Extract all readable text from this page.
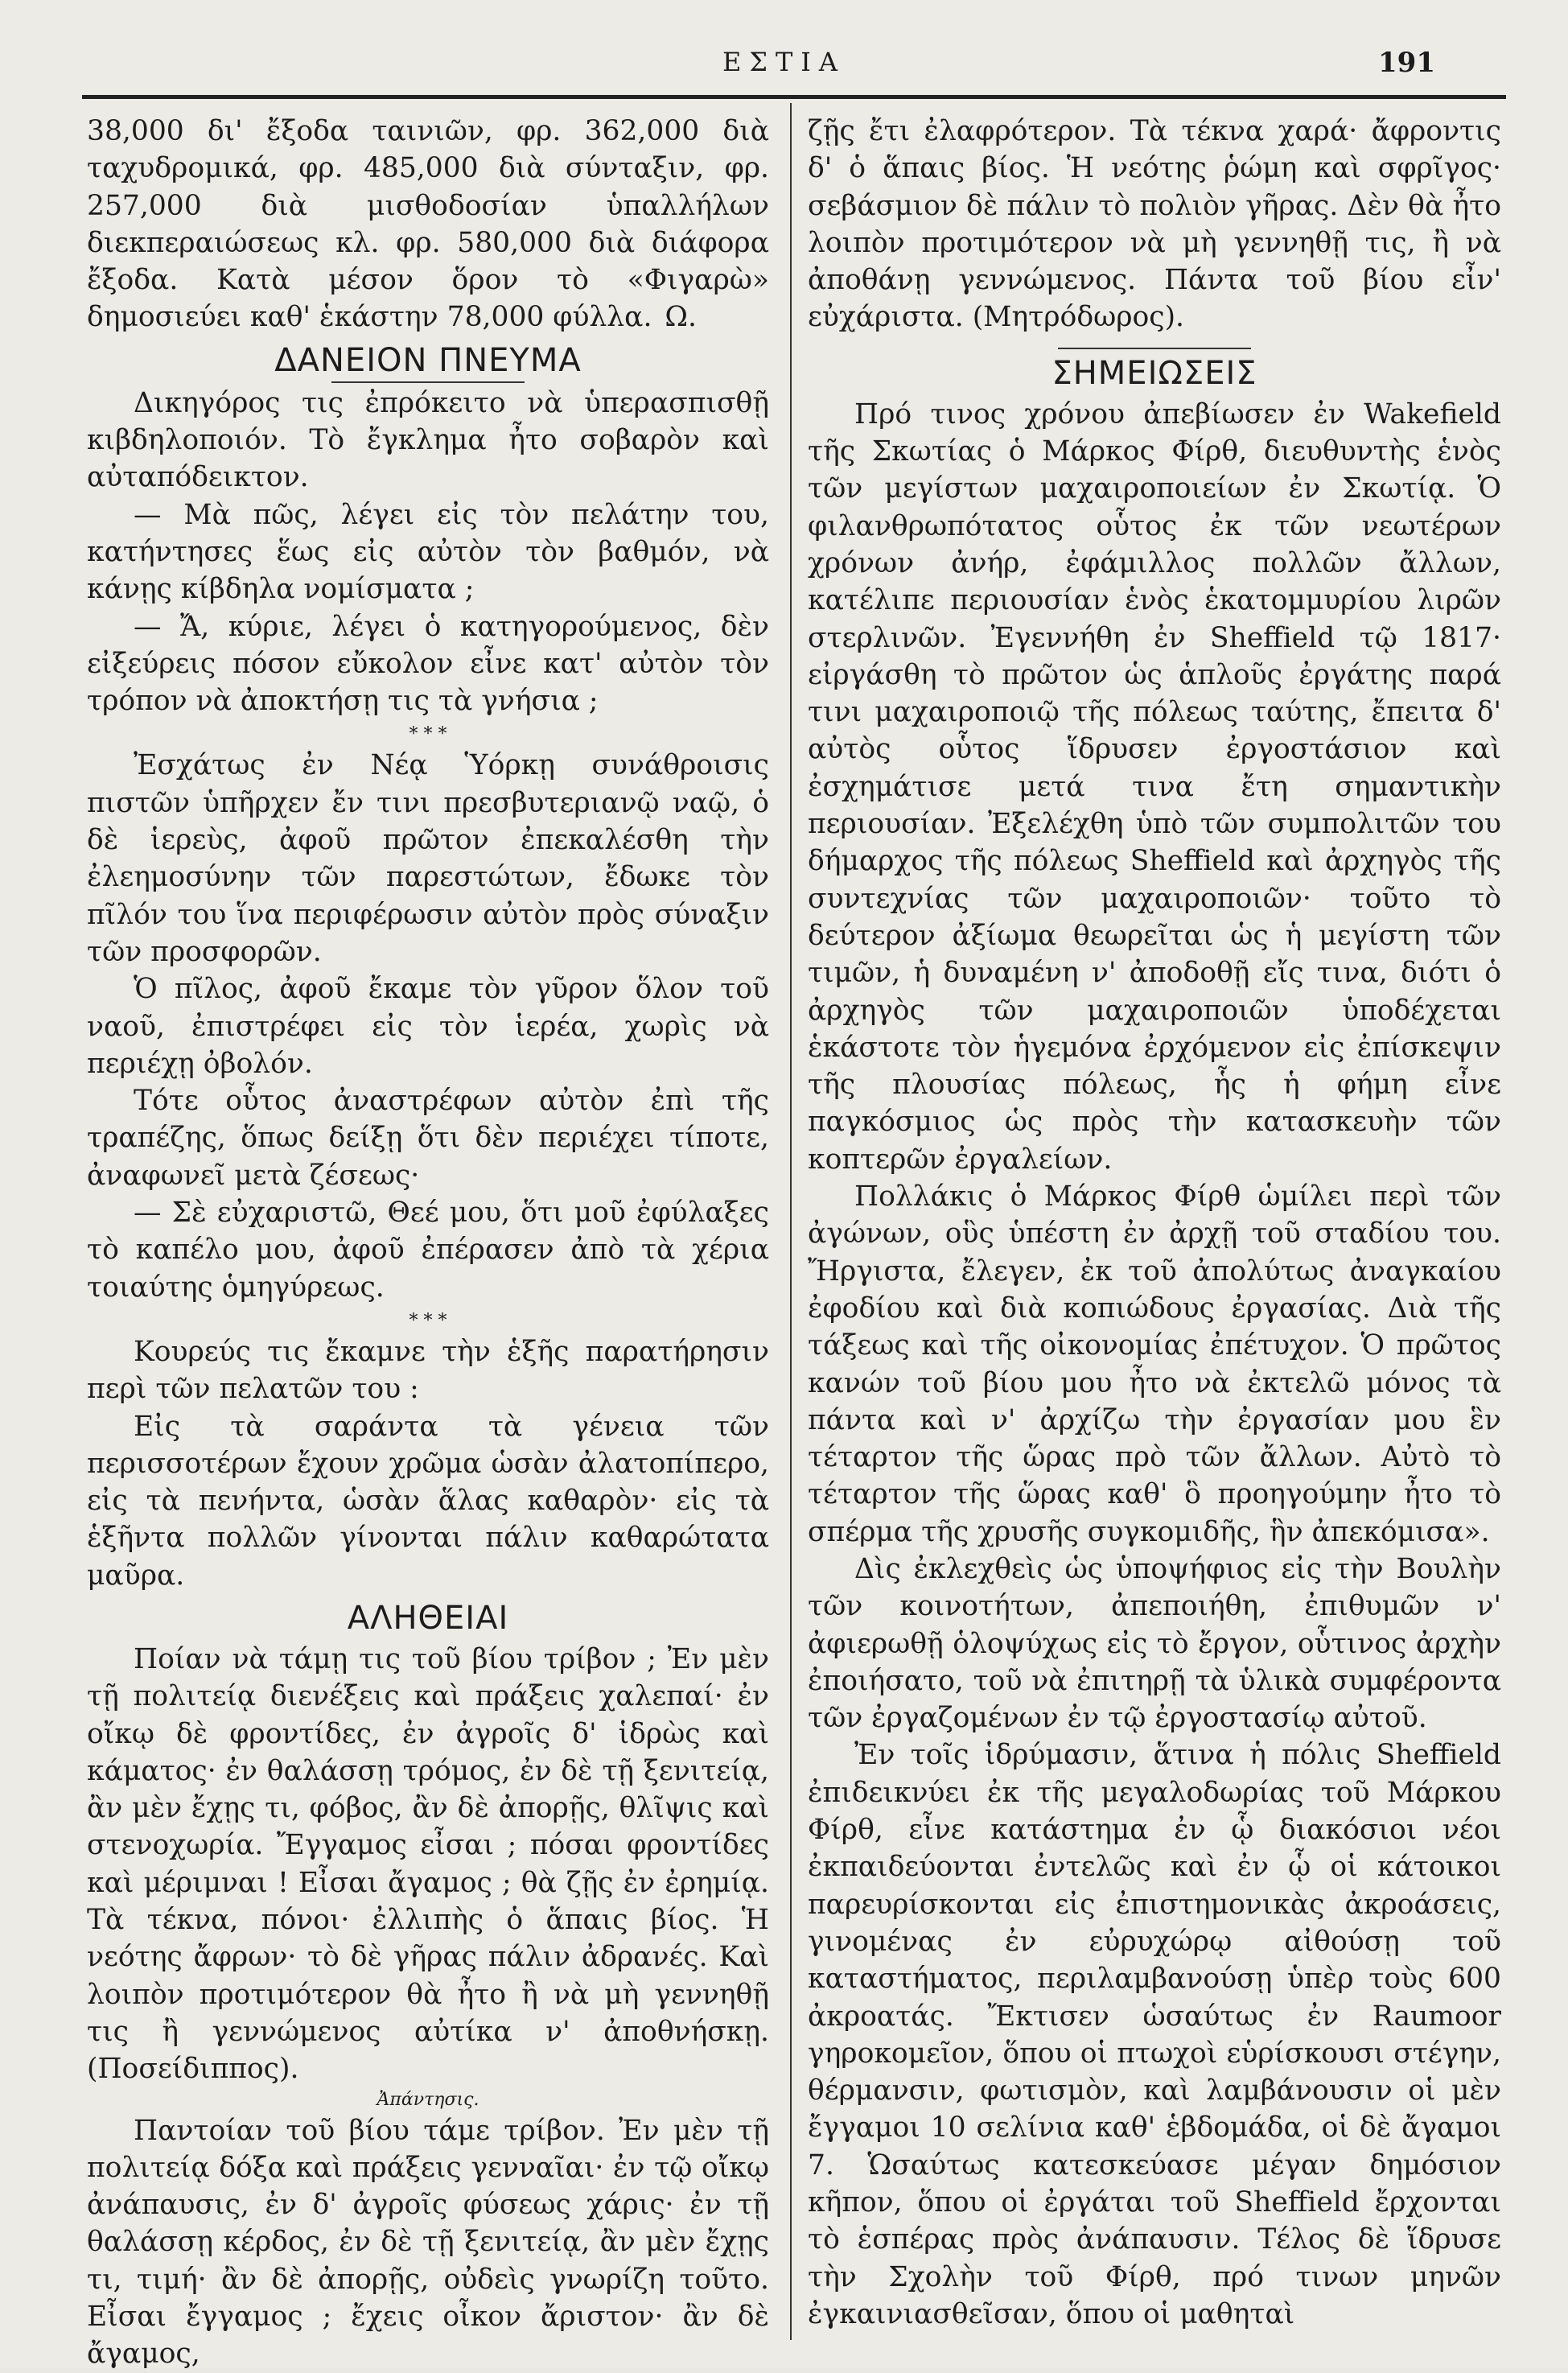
ΕΣΤΙΑ	191

38,000 δι' ἔξοδα ταινιῶν, φρ. 362,000 διὰ ταχυδρομικά, φρ. 485,000 διὰ σύνταξιν, φρ. 257,000 διὰ μισθοδοσίαν ὑπαλλήλων διεκπεραιώσεως κλ. φρ. 580,000 διὰ διάφορα ἔξοδα. Κατὰ μέσον ὅρον τὸ «Φιγαρὼ» δημοσιεύει καθ' ἑκάστην 78,000 φύλλα. Ω.

ΔΑΝΕΙΟΝ ΠΝΕΥΜΑ

Δικηγόρος τις ἐπρόκειτο νὰ ὑπερασπισθῇ κιβδηλοποιόν. Τὸ ἔγκλημα ἦτο σοβαρὸν καὶ αὐταπόδεικτον.

— Μὰ πῶς, λέγει εἰς τὸν πελάτην του, κατήντησες ἕως εἰς αὐτὸν τὸν βαθμόν, νὰ κάνῃς κίβδηλα νομίσματα ;

— Ἄ, κύριε, λέγει ὁ κατηγορούμενος, δὲν εἰξεύρεις πόσον εὔκολον εἶνε κατ' αὐτὸν τὸν τρόπον νὰ ἀποκτήσῃ τις τὰ γνήσια ;

* * *

Ἐσχάτως ἐν Νέᾳ Ὑόρκῃ συνάθροισις πιστῶν ὑπῆρχεν ἔν τινι πρεσβυτεριανῷ ναῷ, ὁ δὲ ἱερεὺς, ἀφοῦ πρῶτον ἐπεκαλέσθη τὴν ἐλεημοσύνην τῶν παρεστώτων, ἔδωκε τὸν πῖλόν του ἵνα περιφέρωσιν αὐτὸν πρὸς σύναξιν τῶν προσφορῶν.

Ὁ πῖλος, ἀφοῦ ἔκαμε τὸν γῦρον ὅλον τοῦ ναοῦ, ἐπιστρέφει εἰς τὸν ἱερέα, χωρὶς νὰ περιέχῃ ὀβολόν.

Τότε οὗτος ἀναστρέφων αὐτὸν ἐπὶ τῆς τραπέζης, ὅπως δείξῃ ὅτι δὲν περιέχει τίποτε, ἀναφωνεῖ μετὰ ζέσεως·

— Σὲ εὐχαριστῶ, Θεέ μου, ὅτι μοῦ ἐφύλαξες τὸ καπέλο μου, ἀφοῦ ἐπέρασεν ἀπὸ τὰ χέρια τοιαύτης ὁμηγύρεως.

* * *

Κουρεύς τις ἔκαμνε τὴν ἑξῆς παρατήρησιν περὶ τῶν πελατῶν του :

Εἰς τὰ σαράντα τὰ γένεια τῶν περισσοτέρων ἔχουν χρῶμα ὡσὰν ἀλατοπίπερο, εἰς τὰ πενήντα, ὡσὰν ἅλας καθαρὸν· εἰς τὰ ἑξῆντα πολλῶν γίνονται πάλιν καθαρώτατα μαῦρα.

ΑΛΗΘΕΙΑΙ

Ποίαν νὰ τάμῃ τις τοῦ βίου τρίβον ; Ἐν μὲν τῇ πολιτείᾳ διενέξεις καὶ πράξεις χαλεπαί· ἐν οἴκῳ δὲ φροντίδες, ἐν ἀγροῖς δ' ἱδρὼς καὶ κάματος· ἐν θαλάσσῃ τρόμος, ἐν δὲ τῇ ξενιτείᾳ, ἂν μὲν ἔχῃς τι, φόβος, ἂν δὲ ἀπορῇς, θλῖψις καὶ στενοχωρία. Ἔγγαμος εἶσαι ; πόσαι φροντίδες καὶ μέριμναι ! Εἶσαι ἄγαμος ; θὰ ζῇς ἐν ἐρημίᾳ. Τὰ τέκνα, πόνοι· ἐλλιπὴς ὁ ἅπαις βίος. Ἡ νεότης ἄφρων· τὸ δὲ γῆρας πάλιν ἀδρανές. Καὶ λοιπὸν προτιμότερον θὰ ἦτο ἢ νὰ μὴ γεννηθῇ τις ἢ γεννώμενος αὐτίκα ν' ἀποθνήσκῃ. (Ποσείδιππος).

Ἀπάντησις.

Παντοίαν τοῦ βίου τάμε τρίβον. Ἐν μὲν τῇ πολιτείᾳ δόξα καὶ πράξεις γενναῖαι· ἐν τῷ οἴκῳ ἀνάπαυσις, ἐν δ' ἀγροῖς φύσεως χάρις· ἐν τῇ θαλάσσῃ κέρδος, ἐν δὲ τῇ ξενιτείᾳ, ἂν μὲν ἔχῃς τι, τιμή· ἂν δὲ ἀπορῇς, οὐδεὶς γνωρίζη τοῦτο. Εἶσαι ἔγγαμος ; ἔχεις οἶκον ἄριστον· ἂν δὲ ἄγαμος,

ζῇς ἔτι ἐλαφρότερον. Τὰ τέκνα χαρά· ἄφροντις δ' ὁ ἅπαις βίος. Ἡ νεότης ῥώμη καὶ σφρῖγος· σεβάσμιον δὲ πάλιν τὸ πολιὸν γῆρας. Δὲν θὰ ἦτο λοιπὸν προτιμότερον νὰ μὴ γεννηθῇ τις, ἢ νὰ ἀποθάνῃ γεννώμενος. Πάντα τοῦ βίου εἶν' εὐχάριστα. (Μητρόδωρος).

ΣΗΜΕΙΩΣΕΙΣ

Πρό τινος χρόνου ἀπεβίωσεν ἐν Wakefield τῆς Σκωτίας ὁ Μάρκος Φίρθ, διευθυντὴς ἑνὸς τῶν μεγίστων μαχαιροποιείων ἐν Σκωτίᾳ. Ὁ φιλανθρωπότατος οὗτος ἐκ τῶν νεωτέρων χρόνων ἀνήρ, ἐφάμιλλος πολλῶν ἄλλων, κατέλιπε περιουσίαν ἑνὸς ἑκατομμυρίου λιρῶν στερλινῶν. Ἐγεννήθη ἐν Sheffield τῷ 1817· εἰργάσθη τὸ πρῶτον ὡς ἁπλοῦς ἐργάτης παρά τινι μαχαιροποιῷ τῆς πόλεως ταύτης, ἔπειτα δ' αὐτὸς οὗτος ἵδρυσεν ἐργοστάσιον καὶ ἐσχημάτισε μετά τινα ἔτη σημαντικὴν περιουσίαν. Ἐξελέχθη ὑπὸ τῶν συμπολιτῶν του δήμαρχος τῆς πόλεως Sheffield καὶ ἀρχηγὸς τῆς συντεχνίας τῶν μαχαιροποιῶν· τοῦτο τὸ δεύτερον ἀξίωμα θεωρεῖται ὡς ἡ μεγίστη τῶν τιμῶν, ἡ δυναμένη ν' ἀποδοθῇ εἴς τινα, διότι ὁ ἀρχηγὸς τῶν μαχαιροποιῶν ὑποδέχεται ἑκάστοτε τὸν ἡγεμόνα ἐρχόμενον εἰς ἐπίσκεψιν τῆς πλουσίας πόλεως, ἧς ἡ φήμη εἶνε παγκόσμιος ὡς πρὸς τὴν κατασκευὴν τῶν κοπτερῶν ἐργαλείων.

Πολλάκις ὁ Μάρκος Φίρθ ὡμίλει περὶ τῶν ἀγώνων, οὓς ὑπέστη ἐν ἀρχῇ τοῦ σταδίου του. Ἤργιστα, ἔλεγεν, ἐκ τοῦ ἀπολύτως ἀναγκαίου ἐφοδίου καὶ διὰ κοπιώδους ἐργασίας. Διὰ τῆς τάξεως καὶ τῆς οἰκονομίας ἐπέτυχον. Ὁ πρῶτος κανών τοῦ βίου μου ἦτο νὰ ἐκτελῶ μόνος τὰ πάντα καὶ ν' ἀρχίζω τὴν ἐργασίαν μου ἓν τέταρτον τῆς ὥρας πρὸ τῶν ἄλλων. Αὐτὸ τὸ τέταρτον τῆς ὥρας καθ' ὃ προηγούμην ἦτο τὸ σπέρμα τῆς χρυσῆς συγκομιδῆς, ἣν ἀπεκόμισα».

Δὶς ἐκλεχθεὶς ὡς ὑποψήφιος εἰς τὴν Βουλὴν τῶν κοινοτήτων, ἀπεποιήθη, ἐπιθυμῶν ν' ἀφιερωθῇ ὁλοψύχως εἰς τὸ ἔργον, οὗτινος ἀρχὴν ἐποιήσατο, τοῦ νὰ ἐπιτηρῇ τὰ ὑλικὰ συμφέροντα τῶν ἐργαζομένων ἐν τῷ ἐργοστασίῳ αὐτοῦ.

Ἐν τοῖς ἱδρύμασιν, ἅτινα ἡ πόλις Sheffield ἐπιδεικνύει ἐκ τῆς μεγαλοδωρίας τοῦ Μάρκου Φίρθ, εἶνε κατάστημα ἐν ᾧ διακόσιοι νέοι ἐκπαιδεύονται ἐντελῶς καὶ ἐν ᾧ οἱ κάτοικοι παρευρίσκονται εἰς ἐπιστημονικὰς ἀκροάσεις, γινομένας ἐν εὐρυχώρῳ αἰθούσῃ τοῦ καταστήματος, περιλαμβανούσῃ ὑπὲρ τοὺς 600 ἀκροατάς. Ἔκτισεν ὡσαύτως ἐν Raumoor γηροκομεῖον, ὅπου οἱ πτωχοὶ εὑρίσκουσι στέγην, θέρμανσιν, φωτισμὸν, καὶ λαμβάνουσιν οἱ μὲν ἔγγαμοι 10 σελίνια καθ' ἑβδομάδα, οἱ δὲ ἄγαμοι 7. Ὡσαύτως κατεσκεύασε μέγαν δημόσιον κῆπον, ὅπου οἱ ἐργάται τοῦ Sheffield ἔρχονται τὸ ἑσπέρας πρὸς ἀνάπαυσιν. Τέλος δὲ ἵδρυσε τὴν Σχολὴν τοῦ Φίρθ, πρό τινων μηνῶν ἐγκαινιασθεῖσαν, ὅπου οἱ μαθηταὶ
